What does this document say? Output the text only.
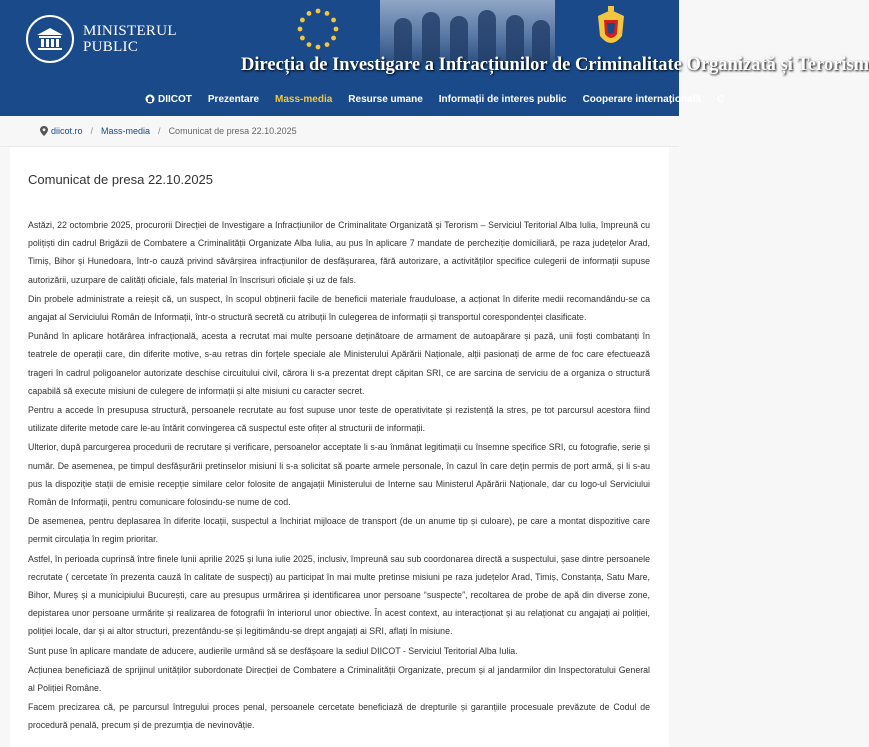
MINISTERUL
PUBLIC
Direcția de Investigare a Infracțiunilor de Criminalitate Organizată și Terorism
DIICOT Prezentare Mass-media Resurse umane Informații de interes public Cooperare internațională C
diicot.ro / Mass-media / Comunicat de presa 22.10.2025
Comunicat de presa 22.10.2025

Astăzi, 22 octombrie 2025, procurorii Direcției de Investigare a Infracțiunilor de Criminalitate Organizată și Terorism – Serviciul Teritorial Alba Iulia, împreună cu polițiști din cadrul Brigăzii de Combatere a Criminalității Organizate Alba Iulia, au pus în aplicare 7 mandate de percheziție domiciliară, pe raza județelor Arad, Timiș, Bihor și Hunedoara, într-o cauză privind săvârșirea infracțiunilor de desfășurarea, fără autorizare, a activităților specifice culegerii de informații supuse autorizării, uzurpare de calități oficiale, fals material în înscrisuri oficiale și uz de fals.

Din probele administrate a reieșit că, un suspect, în scopul obținerii facile de beneficii materiale frauduloase, a acționat în diferite medii recomandându-se ca angajat al Serviciului Român de Informații, într-o structură secretă cu atribuții în culegerea de informații și transportul corespondenței clasificate.

Punând în aplicare hotărârea infracțională, acesta a recrutat mai multe persoane deținătoare de armament de autoapărare și pază, unii foști combatanți în teatrele de operații care, din diferite motive, s-au retras din forțele speciale ale Ministerului Apărării Naționale, alții pasionați de arme de foc care efectuează trageri în cadrul poligoanelor autorizate deschise circuitului civil, cărora li s-a prezentat drept căpitan SRI, ce are sarcina de serviciu de a organiza o structură capabilă să execute misiuni de culegere de informații și alte misiuni cu caracter secret.

Pentru a accede în presupusa structură, persoanele recrutate au fost supuse unor teste de operativitate și rezistență la stres, pe tot parcursul acestora fiind utilizate diferite metode care le-au întărit convingerea că suspectul este ofițer al structurii de informații.

Ulterior, după parcurgerea procedurii de recrutare și verificare, persoanelor acceptate li s-au înmânat legitimații cu însemne specifice SRI, cu fotografie, serie și număr. De asemenea, pe timpul desfășurării pretinselor misiuni li s-a solicitat să poarte armele personale, în cazul în care dețin permis de port armă, și li s-au pus la dispoziție stații de emisie recepție similare celor folosite de angajații Ministerului de Interne sau Ministerul Apărării Naționale, dar cu logo-ul Serviciului Român de Informații, pentru comunicare folosindu-se nume de cod.

De asemenea, pentru deplasarea în diferite locații, suspectul a închiriat mijloace de transport (de un anume tip și culoare), pe care a montat dispozitive care permit circulația în regim prioritar.

Astfel, în perioada cuprinsă între finele lunii aprilie 2025 și luna iulie 2025, inclusiv, împreună sau sub coordonarea directă a suspectului, șase dintre persoanele recrutate ( cercetate în prezenta cauză în calitate de suspecți) au participat în mai multe pretinse misiuni pe raza județelor Arad, Timiș, Constanța, Satu Mare, Bihor, Mureș și a municipiului București, care au presupus urmărirea și identificarea unor persoane “suspecte”, recoltarea de probe de apă din diverse zone, depistarea unor persoane urmărite și realizarea de fotografii în interiorul unor obiective. În acest context, au interacționat și au relaționat cu angajați ai poliției, poliției locale, dar și ai altor structuri, prezentându-se și legitimându-se drept angajați ai SRI, aflați în misiune.

Sunt puse în aplicare mandate de aducere, audierile urmând să se desfășoare la sediul DIICOT - Serviciul Teritorial Alba Iulia.

Acțiunea beneficiază de sprijinul unităților subordonate Direcției de Combatere a Criminalității Organizate, precum și al jandarmilor din Inspectoratului General al Poliției Române.

Facem precizarea că, pe parcursul întregului proces penal, persoanele cercetate beneficiază de drepturile și garanțiile procesuale prevăzute de Codul de procedură penală, precum și de prezumția de nevinovăție.
